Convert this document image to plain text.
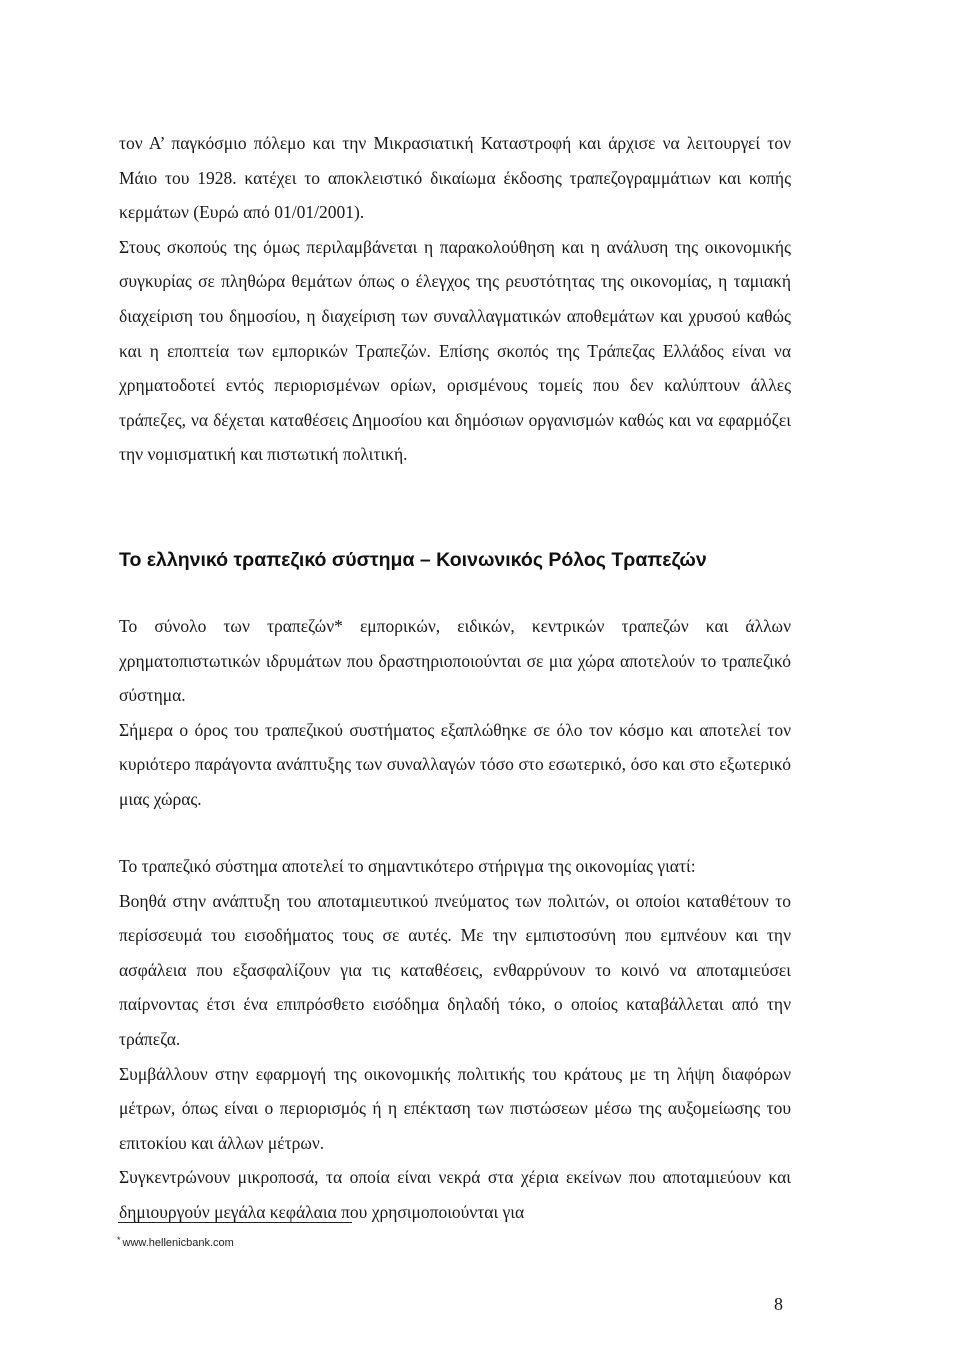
τον Α’ παγκόσμιο πόλεμο και την Μικρασιατική Καταστροφή και άρχισε να λειτουργεί τον Μάιο του 1928. κατέχει το αποκλειστικό δικαίωμα έκδοσης τραπεζογραμμάτιων και κοπής κερμάτων (Ευρώ από 01/01/2001).

Στους σκοπούς της όμως περιλαμβάνεται η παρακολούθηση και η ανάλυση της οικονομικής συγκυρίας σε πληθώρα θεμάτων όπως ο έλεγχος της ρευστότητας της οικονομίας, η ταμιακή διαχείριση του δημοσίου, η διαχείριση των συναλλαγματικών αποθεμάτων και χρυσού καθώς και η εποπτεία των εμπορικών Τραπεζών. Επίσης σκοπός της Τράπεζας Ελλάδος είναι να χρηματοδοτεί εντός περιορισμένων ορίων, ορισμένους τομείς που δεν καλύπτουν άλλες τράπεζες, να δέχεται καταθέσεις Δημοσίου και δημόσιων οργανισμών καθώς και να εφαρμόζει την νομισματική και πιστωτική πολιτική.

Το ελληνικό τραπεζικό σύστημα – Κοινωνικός Ρόλος Τραπεζών

Το σύνολο των τραπεζών* εμπορικών, ειδικών, κεντρικών τραπεζών και άλλων χρηματοπιστωτικών ιδρυμάτων που δραστηριοποιούνται σε μια χώρα αποτελούν το τραπεζικό σύστημα.

Σήμερα ο όρος του τραπεζικού συστήματος εξαπλώθηκε σε όλο τον κόσμο και αποτελεί τον κυριότερο παράγοντα ανάπτυξης των συναλλαγών τόσο στο εσωτερικό, όσο και στο εξωτερικό μιας χώρας.

Το τραπεζικό σύστημα αποτελεί το σημαντικότερο στήριγμα της οικονομίας γιατί:

Βοηθά στην ανάπτυξη του αποταμιευτικού πνεύματος των πολιτών, οι οποίοι καταθέτουν το περίσσευμά του εισοδήματος τους σε αυτές. Με την εμπιστοσύνη που εμπνέουν και την ασφάλεια που εξασφαλίζουν για τις καταθέσεις, ενθαρρύνουν το κοινό να αποταμιεύσει παίρνοντας έτσι ένα επιπρόσθετο εισόδημα δηλαδή τόκο, ο οποίος καταβάλλεται από την τράπεζα.

Συμβάλλουν στην εφαρμογή της οικονομικής πολιτικής του κράτους με τη λήψη διαφόρων μέτρων, όπως είναι ο περιορισμός ή η επέκταση των πιστώσεων μέσω της αυξομείωσης του επιτοκίου και άλλων μέτρων.

Συγκεντρώνουν μικροποσά, τα οποία είναι νεκρά στα χέρια εκείνων που αποταμιεύουν και δημιουργούν μεγάλα κεφάλαια που χρησιμοποιούνται για

* www.hellenicbank.com
8
